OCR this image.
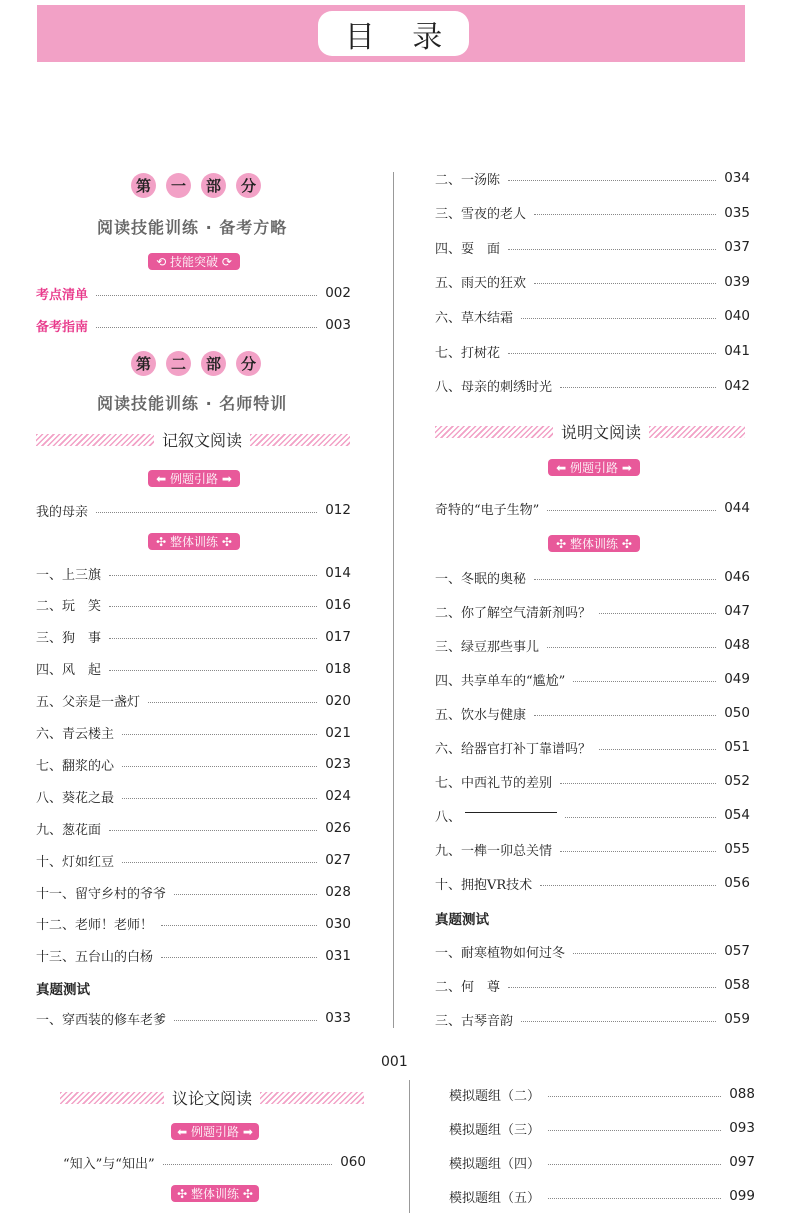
目 录
第	一	部	分
阅读技能训练 · 备考方略
⟲ 技能突破 ⟳
考点清单	002
备考指南	003
第	二	部	分
阅读技能训练 · 名师特训
记叙文阅读
⬅ 例题引路 ➡
我的母亲	012
✣ 整体训练 ✣
一、上三旗	014
二、玩　笑	016
三、狗　事	017
四、风　起	018
五、父亲是一盏灯	020
六、青云楼主	021
七、翻浆的心	023
八、葵花之最	024
九、葱花面	026
十、灯如红豆	027
十一、留守乡村的爷爷	028
十二、老师！老师！	030
十三、五台山的白杨	031
真题测试
一、穿西装的修车老爹	033
二、一汤陈	034
三、雪夜的老人	035
四、耍　面	037
五、雨天的狂欢	039
六、草木结霜	040
七、打树花	041
八、母亲的刺绣时光	042
说明文阅读
⬅ 例题引路 ➡
奇特的“电子生物”	044
✣ 整体训练 ✣
一、冬眠的奥秘	046
二、你了解空气清新剂吗？	047
三、绿豆那些事儿	048
四、共享单车的“尴尬”	049
五、饮水与健康	050
六、给器官打补丁靠谱吗？	051
七、中西礼节的差别	052
八、	054
九、一榫一卯总关情	055
十、拥抱VR技术	056
真题测试
一、耐寒植物如何过冬	057
二、何　尊	058
三、古琴音韵	059
001
议论文阅读
⬅ 例题引路 ➡
“知入”与“知出”	060
✣ 整体训练 ✣
模拟题组（二）	088
模拟题组（三）	093
模拟题组（四）	097
模拟题组（五）	099
